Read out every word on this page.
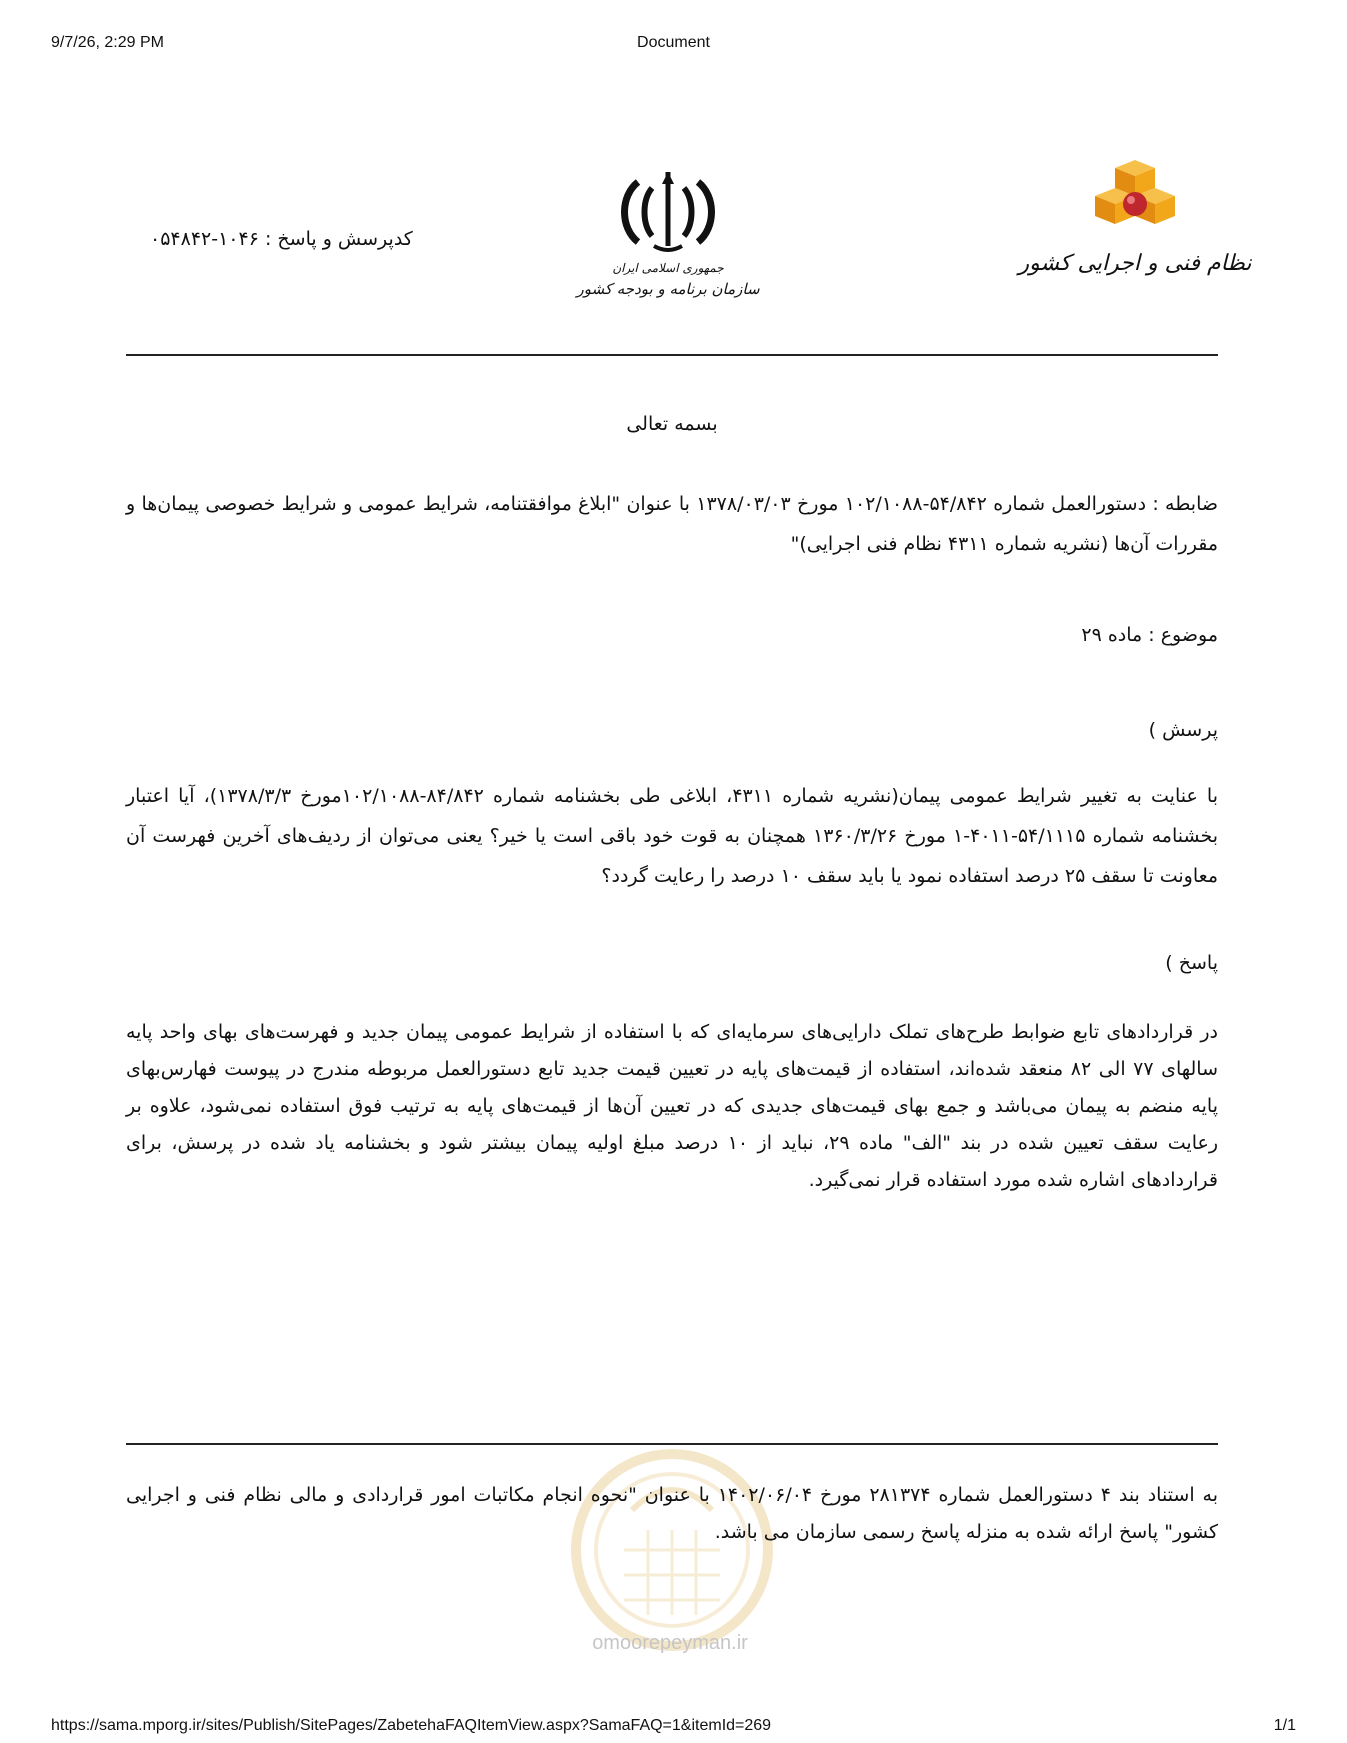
9/7/26, 2:29 PM	Document
نظام فنی و اجرایی کشور
جمهوری اسلامی ایران
سازمان برنامه و بودجه کشور
کدپرسش و پاسخ : ۱۰۴۶-۰۵۴۸۴۲
بسمه تعالی
ضابطه : دستورالعمل شماره ۵۴/۸۴۲-۱۰۲/۱۰۸۸ مورخ ۱۳۷۸/۰۳/۰۳ با عنوان "ابلاغ موافقتنامه، شرایط عمومی و شرایط خصوصی پیمان‌ها و مقررات آن‌ها (نشریه شماره ۴۳۱۱ نظام فنی اجرایی)"
موضوع : ماده ۲۹
پرسش )
با عنایت به تغییر شرایط عمومی پیمان(نشریه شماره ۴۳۱۱، ابلاغی طی بخشنامه شماره ۸۴/۸۴۲-۱۰۲/۱۰۸۸مورخ ۱۳۷۸/۳/۳)، آیا اعتبار بخشنامه شماره ۵۴/۱۱۱۵-۴۰۱۱-۱ مورخ ۱۳۶۰/۳/۲۶ همچنان به قوت خود باقی است یا خیر؟ یعنی می‌توان از ردیف‌های آخرین فهرست آن معاونت تا سقف ۲۵ درصد استفاده نمود یا باید سقف ۱۰ درصد را رعایت گردد؟
پاسخ )
در قراردادهای تابع ضوابط طرح‌های تملک دارایی‌های سرمایه‌ای که با استفاده از شرایط عمومی پیمان جدید و فهرست‌های بهای واحد پایه سالهای ۷۷ الی ۸۲ منعقد شده‌اند، استفاده از قیمت‌های پایه در تعیین قیمت جدید تابع دستورالعمل مربوطه مندرج در پیوست فهارس‌بهای پایه منضم به پیمان می‌باشد و جمع بهای قیمت‌های جدیدی که در تعیین آن‌ها از قیمت‌های پایه به ترتیب فوق استفاده نمی‌شود، علاوه بر رعایت سقف تعیین شده در بند "الف" ماده ۲۹، نباید از ۱۰ درصد مبلغ اولیه پیمان بیشتر شود و بخشنامه یاد شده در پرسش، برای قراردادهای اشاره شده مورد استفاده قرار نمی‌گیرد.
omoorepeyman.ir
به استناد بند ۴ دستورالعمل شماره ۲۸۱۳۷۴ مورخ ۱۴۰۲/۰۶/۰۴ با عنوان "نحوه انجام مکاتبات امور قراردادی و مالی نظام فنی و اجرایی کشور" پاسخ ارائه شده به منزله پاسخ رسمی سازمان می باشد.
https://sama.mporg.ir/sites/Publish/SitePages/ZabetehaFAQItemView.aspx?SamaFAQ=1&itemId=269	1/1
